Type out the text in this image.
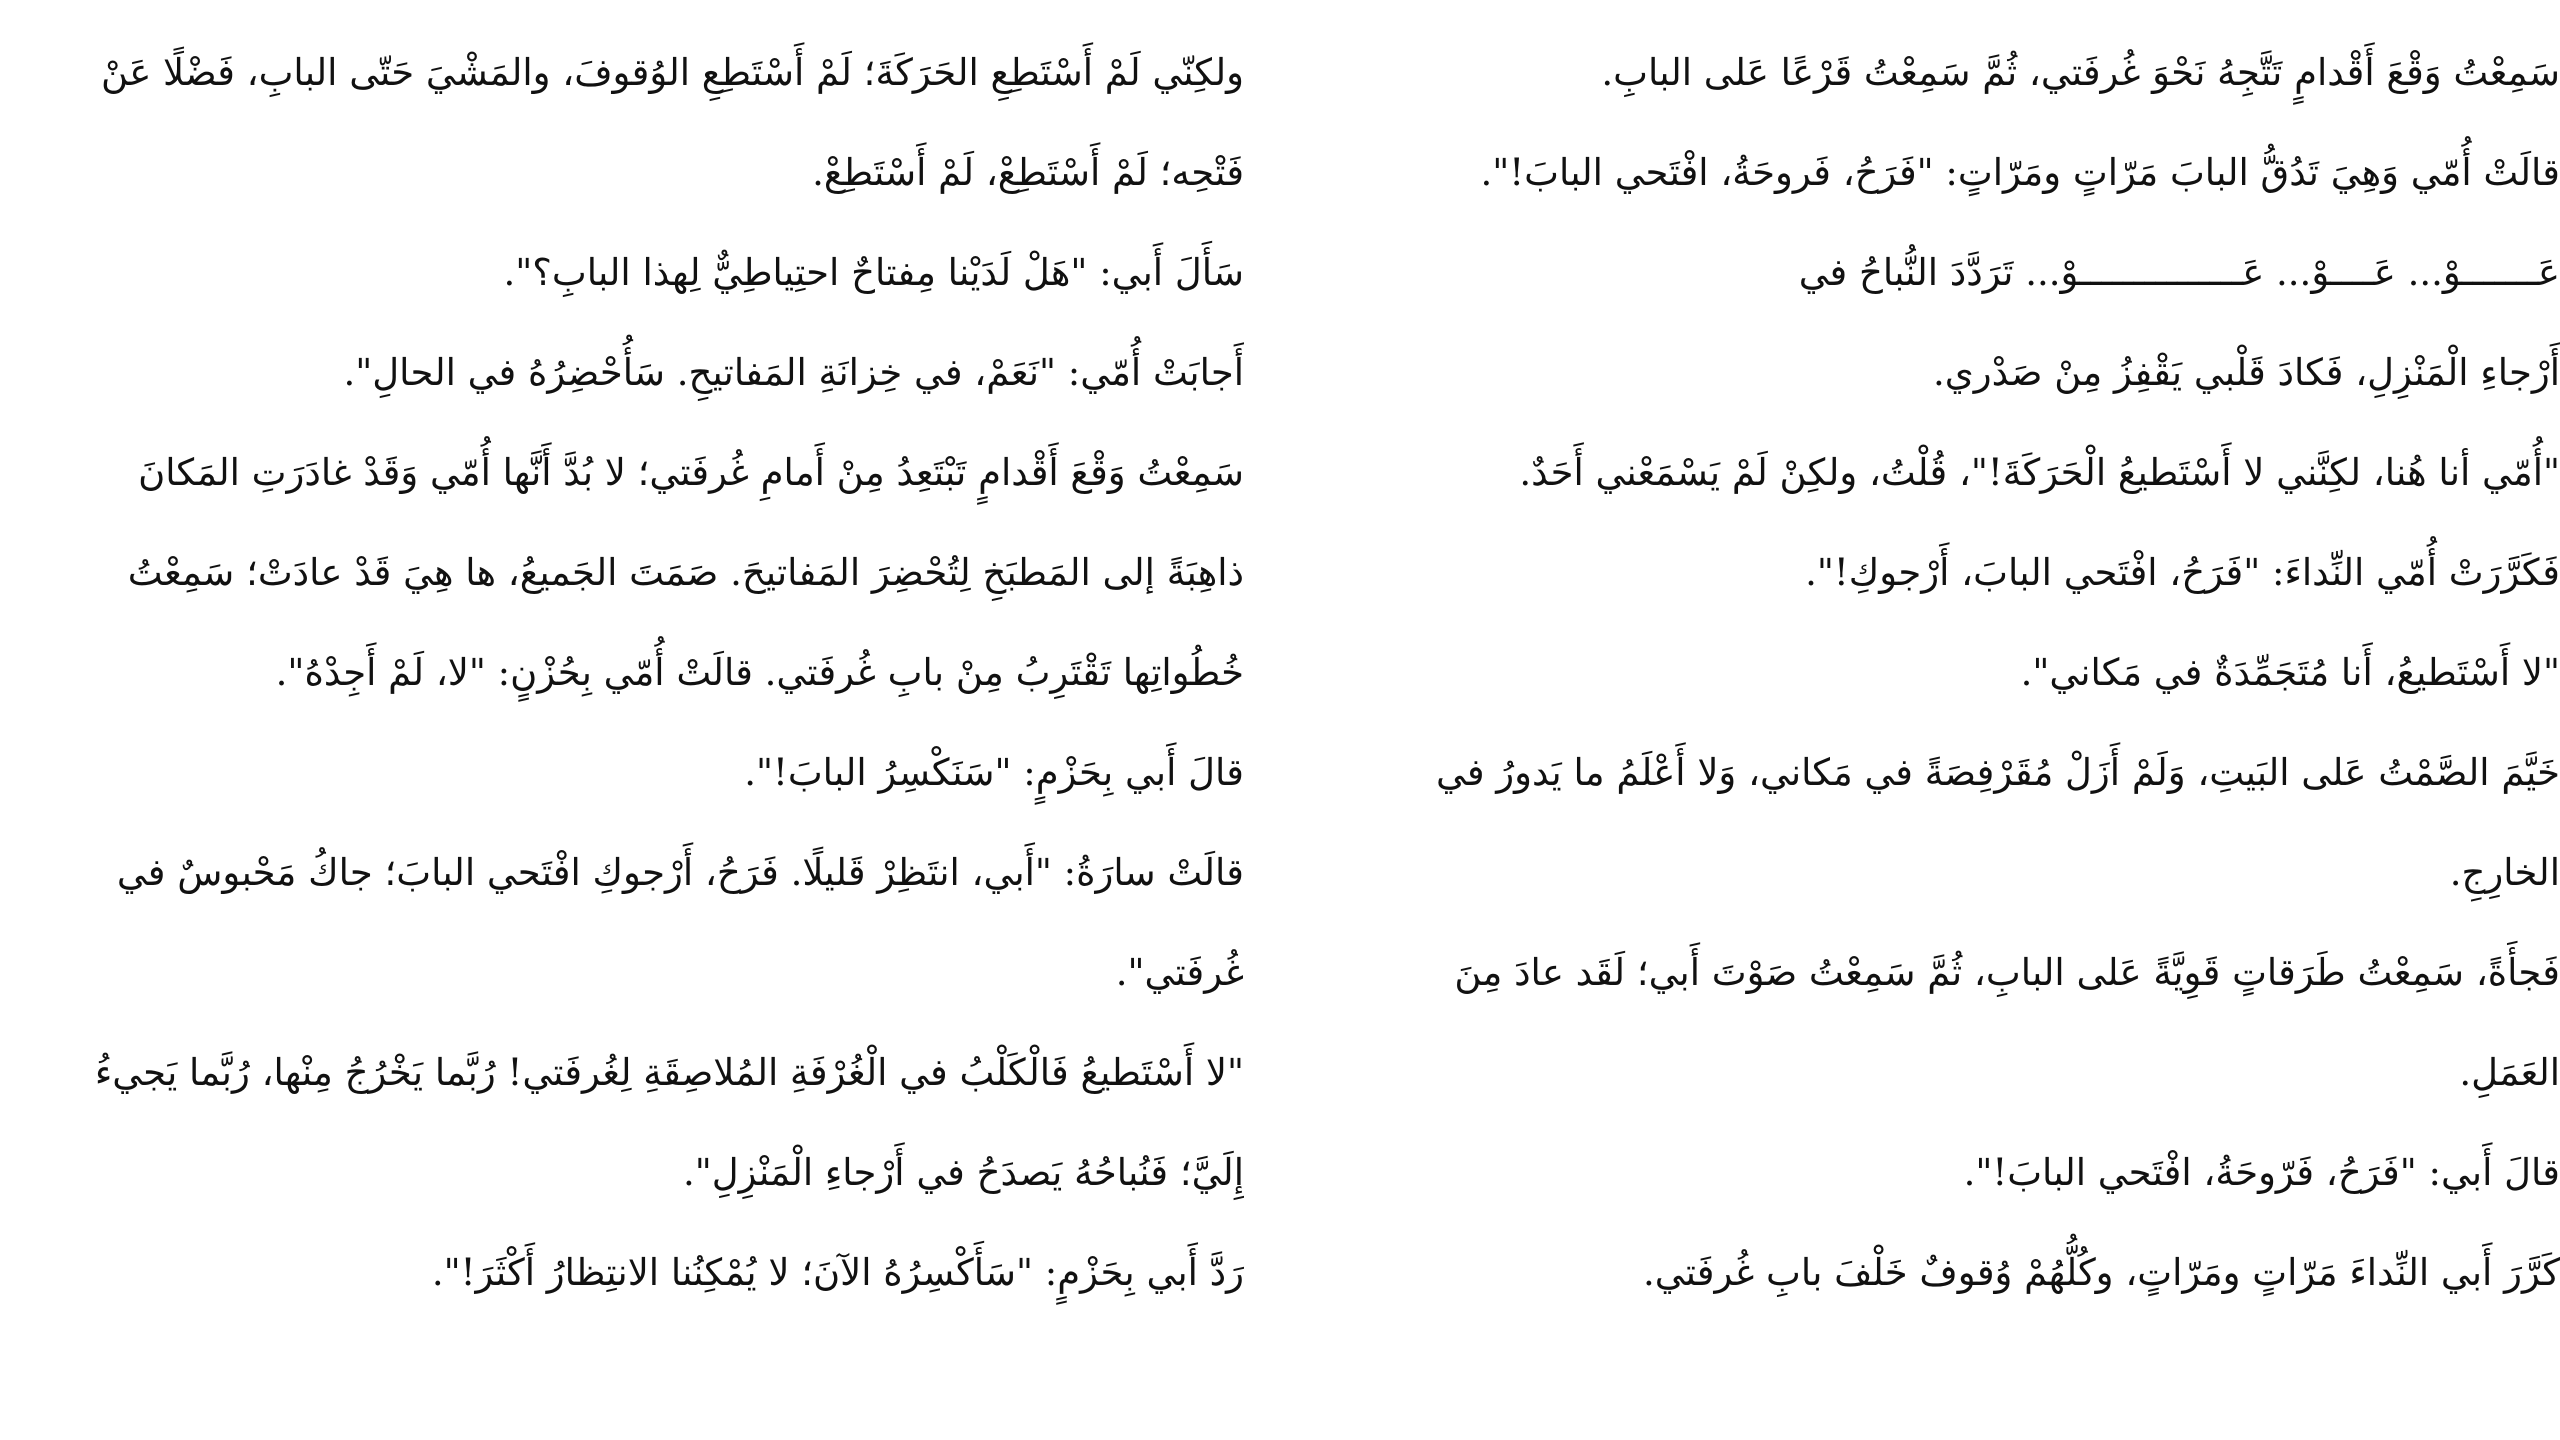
سَمِعْتُ وَقْعَ أَقْدامٍ تَتَّجِهُ نَحْوَ غُرفَتي، ثُمَّ سَمِعْتُ قَرْعًا عَلى البابِ.
قالَتْ أُمّي وَهِيَ تَدُقُّ البابَ مَرّاتٍ ومَرّاتٍ: "فَرَحُ، فَروحَةُ، افْتَحي البابَ!".
عَـــــــوْ... عَــــوْ... عَـــــــــــــــوْ... تَرَدَّدَ النُّباحُ في
أَرْجاءِ الْمَنْزِلِ، فَكادَ قَلْبي يَقْفِزُ مِنْ صَدْري.
"أُمّي أنا هُنا، لكِنَّني لا أَسْتَطيعُ الْحَرَكَةَ!"، قُلْتُ، ولكِنْ لَمْ يَسْمَعْني أَحَدٌ.
فَكَرَّرَتْ أُمّي النِّداءَ: "فَرَحُ، افْتَحي البابَ، أَرْجوكِ!".
"لا أَسْتَطيعُ، أَنا مُتَجَمِّدَةٌ في مَكاني".
خَيَّمَ الصَّمْتُ عَلى البَيتِ، وَلَمْ أَزَلْ مُقَرْفِصَةً في مَكاني، وَلا أَعْلَمُ ما يَدورُ في
الخارِجِ.
فَجأَةً، سَمِعْتُ طَرَقاتٍ قَوِيَّةً عَلى البابِ، ثُمَّ سَمِعْتُ صَوْتَ أَبي؛ لَقَد عادَ مِنَ
العَمَلِ.
قالَ أَبي: "فَرَحُ، فَرّوحَةُ، افْتَحي البابَ!".
كَرَّرَ أَبي النِّداءَ مَرّاتٍ ومَرّاتٍ، وكُلُّهُمْ وُقوفٌ خَلْفَ بابِ غُرفَتي.
ولكِنّي لَمْ أَسْتَطِعِ الحَرَكَةَ؛ لَمْ أَسْتَطِعِ الوُقوفَ، والمَشْيَ حَتّى البابِ، فَضْلًا عَنْ
فَتْحِه؛ لَمْ أَسْتَطِعْ، لَمْ أَسْتَطِعْ.
سَأَلَ أَبي: "هَلْ لَدَيْنا مِفتاحٌ احتِياطِيٌّ لِهذا البابِ؟".
أَجابَتْ أُمّي: "نَعَمْ، في خِزانَةِ المَفاتيحِ. سَأُحْضِرُهُ في الحالِ".
سَمِعْتُ وَقْعَ أَقْدامٍ تَبْتَعِدُ مِنْ أَمامِ غُرفَتي؛ لا بُدَّ أَنَّها أُمّي وَقَدْ غادَرَتِ المَكانَ
ذاهِبَةً إلى المَطبَخِ لِتُحْضِرَ المَفاتيحَ. صَمَتَ الجَميعُ، ها هِيَ قَدْ عادَتْ؛ سَمِعْتُ
خُطُواتِها تَقْتَرِبُ مِنْ بابِ غُرفَتي. قالَتْ أُمّي بِحُزْنٍ: "لا، لَمْ أَجِدْهُ".
قالَ أَبي بِحَزْمٍ: "سَنَكْسِرُ البابَ!".
قالَتْ سارَةُ: "أَبي، انتَظِرْ قَليلًا. فَرَحُ، أَرْجوكِ افْتَحي البابَ؛ جاكُ مَحْبوسٌ في
غُرفَتي".
"لا أَسْتَطيعُ فَالْكَلْبُ في الْغُرْفَةِ المُلاصِقَةِ لِغُرفَتي! رُبَّما يَخْرُجُ مِنْها، رُبَّما يَجيءُ
إِلَيَّ؛ فَنُباحُهُ يَصدَحُ في أَرْجاءِ الْمَنْزِلِ".
رَدَّ أَبي بِحَزْمٍ: "سَأَكْسِرُهُ الآنَ؛ لا يُمْكِنُنا الانتِظارُ أَكْثَرَ!".
